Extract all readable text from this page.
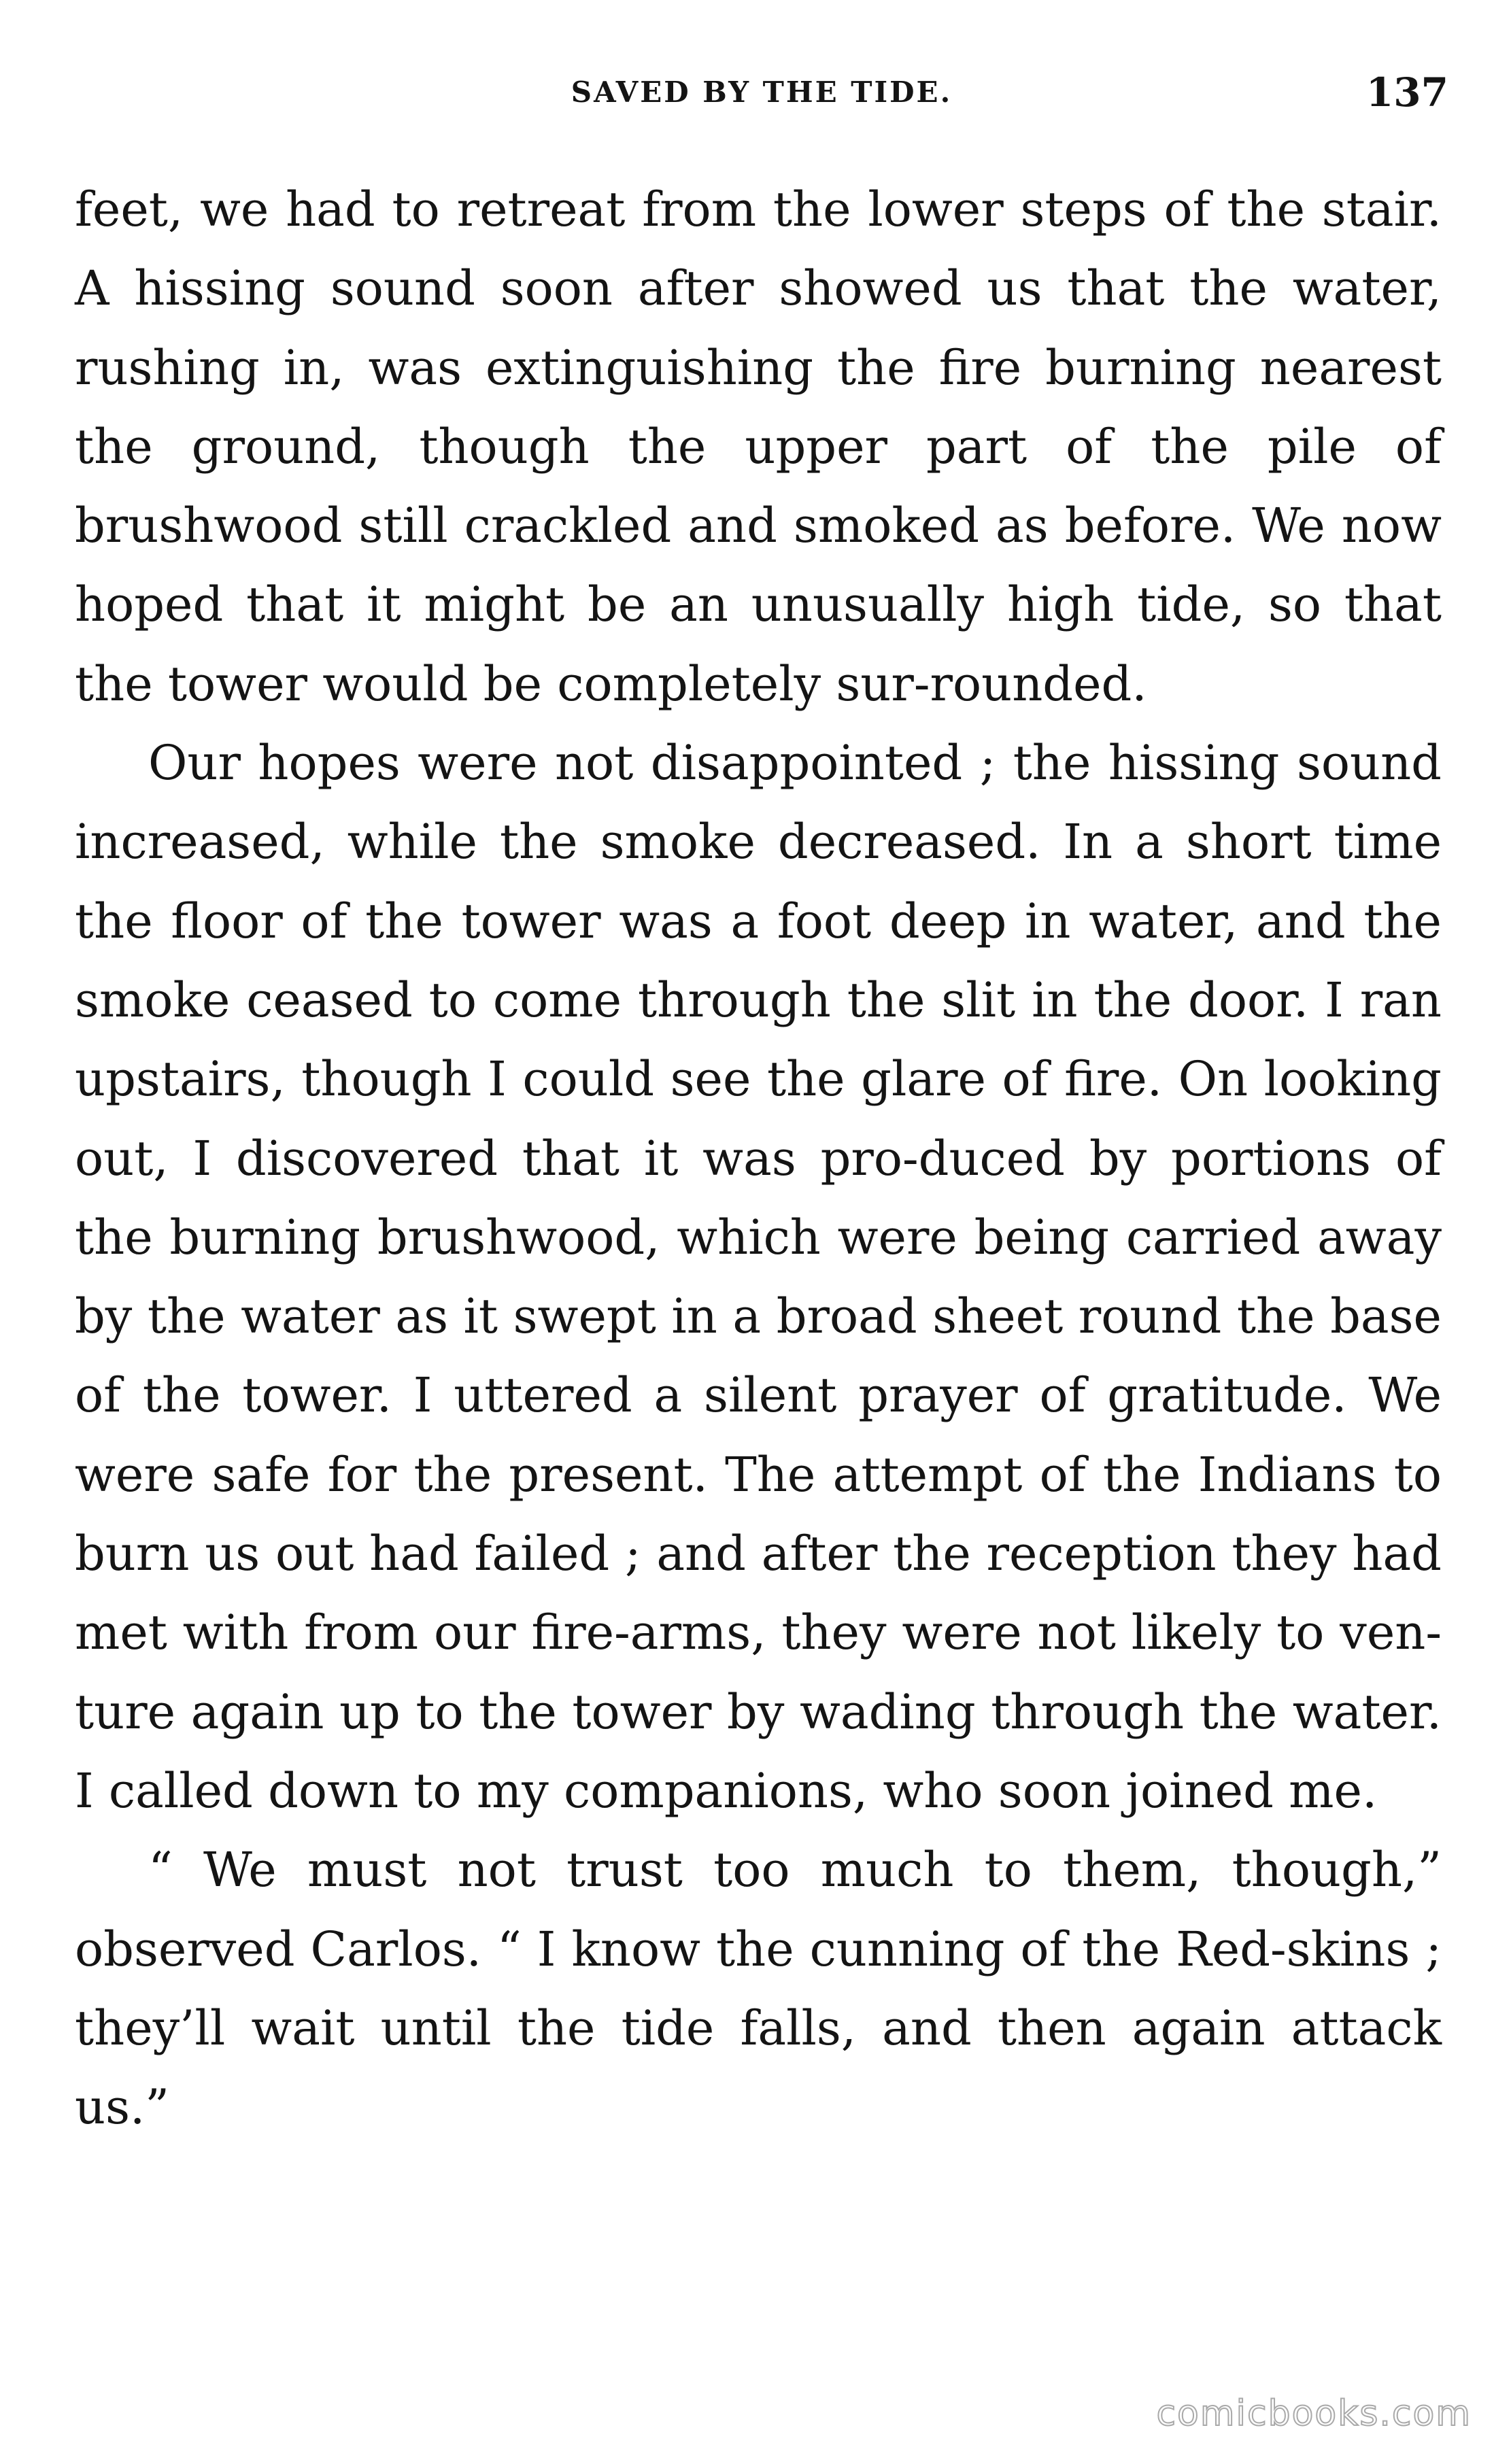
SAVED BY THE TIDE.	137

feet, we had to retreat from the lower steps of the stair. A hissing sound soon after showed us that the water, rushing in, was extinguishing the fire burning nearest the ground, though the upper part of the pile of brushwood still crackled and smoked as before. We now hoped that it might be an unusually high tide, so that the tower would be completely sur-rounded.

Our hopes were not disappointed ; the hissing sound increased, while the smoke decreased. In a short time the floor of the tower was a foot deep in water, and the smoke ceased to come through the slit in the door. I ran upstairs, though I could see the glare of fire. On looking out, I discovered that it was pro-duced by portions of the burning brushwood, which were being carried away by the water as it swept in a broad sheet round the base of the tower. I uttered a silent prayer of gratitude. We were safe for the present. The attempt of the Indians to burn us out had failed ; and after the reception they had met with from our fire-arms, they were not likely to ven-ture again up to the tower by wading through the water. I called down to my companions, who soon joined me.

“ We must not trust too much to them, though,” observed Carlos. “ I know the cunning of the Red-skins ; they’ll wait until the tide falls, and then again attack us.”

comicbooks.com
